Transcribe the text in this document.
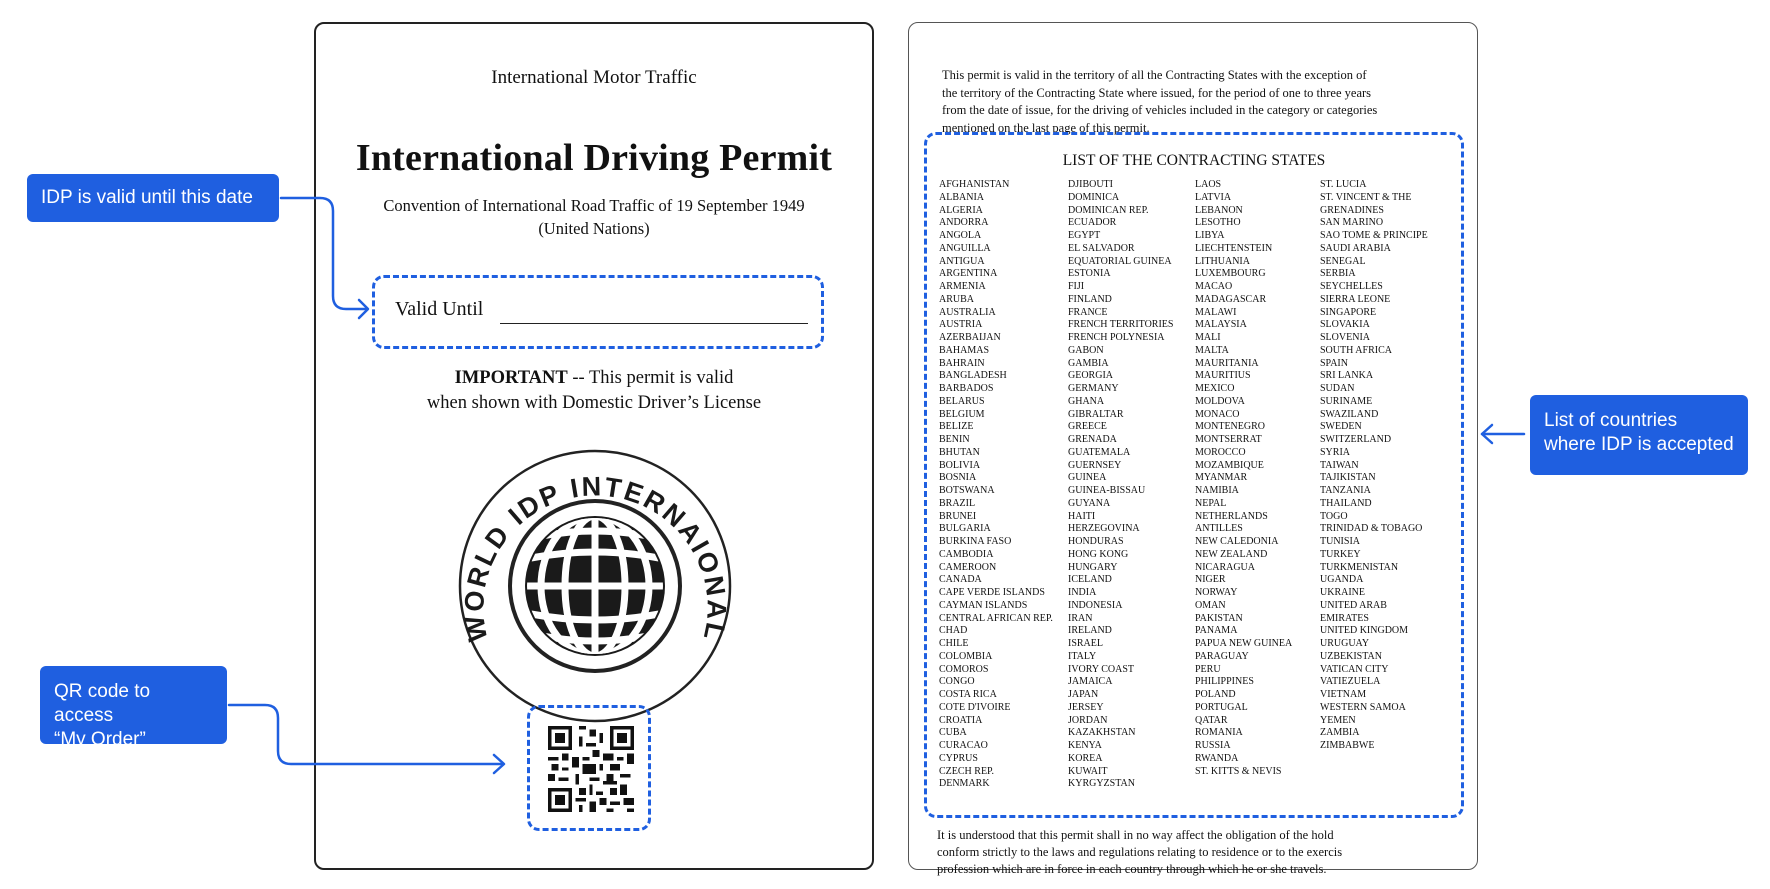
International Motor Traffic
International Driving Permit
Convention of International Road Traffic of 19 September 1949
(United Nations)
Valid Until
IMPORTANT -- This permit is valid
when shown with Domestic Driver’s License
WORLD IDP INTERNAIONAL
This permit is valid in the territory of all the Contracting States with the exception of
the territory of the Contracting State where issued, for the period of one to three years
from the date of issue, for the driving of vehicles included in the category or categories
mentioned on the last page of this permit.
LIST OF THE CONTRACTING STATES
AFGHANISTAN
ALBANIA
ALGERIA
ANDORRA
ANGOLA
ANGUILLA
ANTIGUA
ARGENTINA
ARMENIA
ARUBA
AUSTRALIA
AUSTRIA
AZERBAIJAN
BAHAMAS
BAHRAIN
BANGLADESH
BARBADOS
BELARUS
BELGIUM
BELIZE
BENIN
BHUTAN
BOLIVIA
BOSNIA
BOTSWANA
BRAZIL
BRUNEI
BULGARIA
BURKINA FASO
CAMBODIA
CAMEROON
CANADA
CAPE VERDE ISLANDS
CAYMAN ISLANDS
CENTRAL AFRICAN REP.
CHAD
CHILE
COLOMBIA
COMOROS
CONGO
COSTA RICA
COTE D'IVOIRE
CROATIA
CUBA
CURACAO
CYPRUS
CZECH REP.
DENMARK
DJIBOUTI
DOMINICA
DOMINICAN REP.
ECUADOR
EGYPT
EL SALVADOR
EQUATORIAL GUINEA
ESTONIA
FIJI
FINLAND
FRANCE
FRENCH TERRITORIES
FRENCH POLYNESIA
GABON
GAMBIA
GEORGIA
GERMANY
GHANA
GIBRALTAR
GREECE
GRENADA
GUATEMALA
GUERNSEY
GUINEA
GUINEA-BISSAU
GUYANA
HAITI
HERZEGOVINA
HONDURAS
HONG KONG
HUNGARY
ICELAND
INDIA
INDONESIA
IRAN
IRELAND
ISRAEL
ITALY
IVORY COAST
JAMAICA
JAPAN
JERSEY
JORDAN
KAZAKHSTAN
KENYA
KOREA
KUWAIT
KYRGYZSTAN
LAOS
LATVIA
LEBANON
LESOTHO
LIBYA
LIECHTENSTEIN
LITHUANIA
LUXEMBOURG
MACAO
MADAGASCAR
MALAWI
MALAYSIA
MALI
MALTA
MAURITANIA
MAURITIUS
MEXICO
MOLDOVA
MONACO
MONTENEGRO
MONTSERRAT
MOROCCO
MOZAMBIQUE
MYANMAR
NAMIBIA
NEPAL
NETHERLANDS
ANTILLES
NEW CALEDONIA
NEW ZEALAND
NICARAGUA
NIGER
NORWAY
OMAN
PAKISTAN
PANAMA
PAPUA NEW GUINEA
PARAGUAY
PERU
PHILIPPINES
POLAND
PORTUGAL
QATAR
ROMANIA
RUSSIA
RWANDA
ST. KITTS & NEVIS
ST. LUCIA
ST. VINCENT & THE
GRENADINES
SAN MARINO
SAO TOME & PRINCIPE
SAUDI ARABIA
SENEGAL
SERBIA
SEYCHELLES
SIERRA LEONE
SINGAPORE
SLOVAKIA
SLOVENIA
SOUTH AFRICA
SPAIN
SRI LANKA
SUDAN
SURINAME
SWAZILAND
SWEDEN
SWITZERLAND
SYRIA
TAIWAN
TAJIKISTAN
TANZANIA
THAILAND
TOGO
TRINIDAD & TOBAGO
TUNISIA
TURKEY
TURKMENISTAN
UGANDA
UKRAINE
UNITED ARAB
EMIRATES
UNITED KINGDOM
URUGUAY
UZBEKISTAN
VATICAN CITY
VATIEZUELA
VIETNAM
WESTERN SAMOA
YEMEN
ZAMBIA
ZIMBABWE
It is understood that this permit shall in no way affect the obligation of the hold
conform strictly to the laws and regulations relating to residence or to the exercis
profession which are in force in each country through which he or she travels.
IDP is valid until this date
QR code to access
“My Order”
List of countries
where IDP is accepted
